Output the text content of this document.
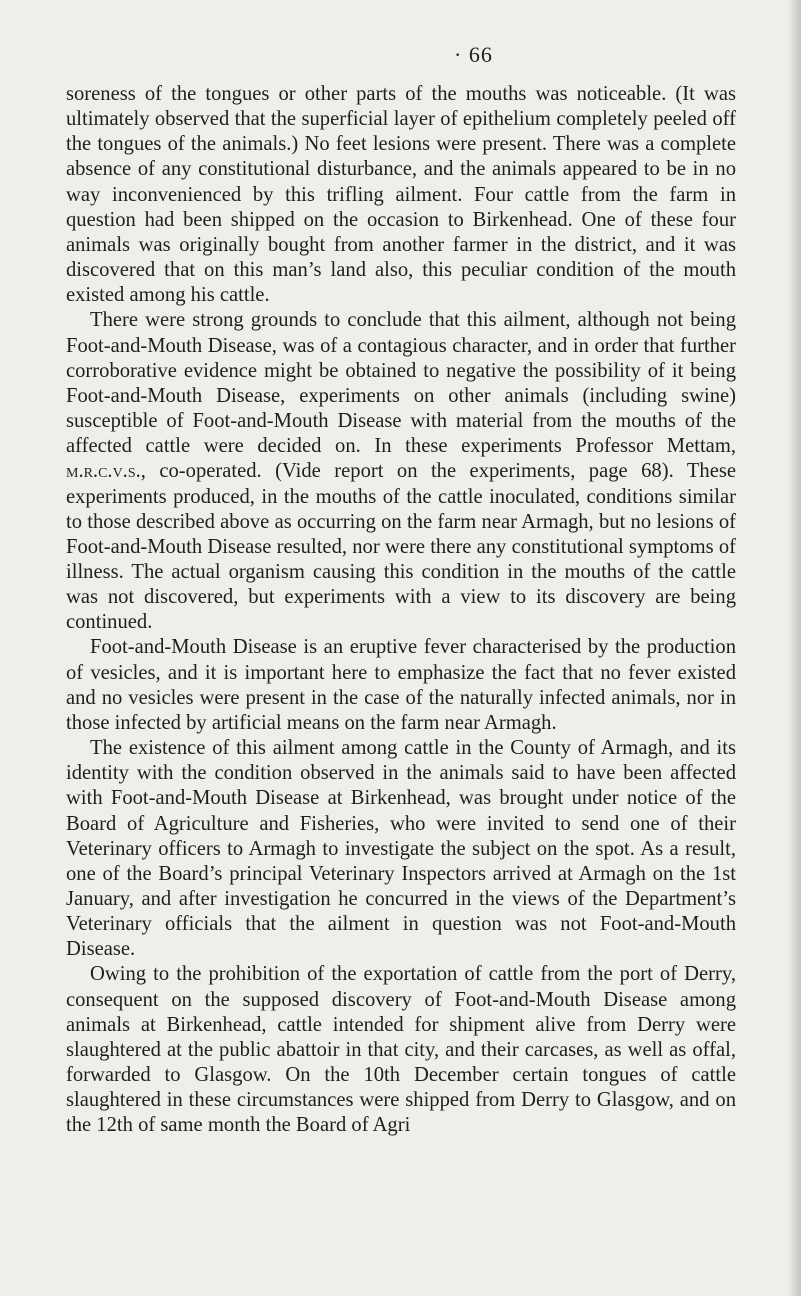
· 66

soreness of the tongues or other parts of the mouths was noticeable. (It was ultimately observed that the superficial layer of epithelium completely peeled off the tongues of the animals.) No feet lesions were present. There was a complete absence of any constitutional disturbance, and the animals appeared to be in no way inconvenienced by this trifling ailment. Four cattle from the farm in question had been shipped on the occasion to Birkenhead. One of these four animals was originally bought from another farmer in the district, and it was discovered that on this man’s land also, this peculiar condition of the mouth existed among his cattle.

There were strong grounds to conclude that this ailment, although not being Foot-and-Mouth Disease, was of a contagious character, and in order that further corroborative evidence might be obtained to negative the possibility of it being Foot-and-Mouth Disease, experiments on other animals (including swine) susceptible of Foot-and-Mouth Disease with material from the mouths of the affected cattle were decided on. In these experiments Professor Mettam, m.r.c.v.s., co-operated. (Vide report on the experiments, page 68). These experiments produced, in the mouths of the cattle inoculated, conditions similar to those described above as occurring on the farm near Armagh, but no lesions of Foot-and-Mouth Disease resulted, nor were there any constitutional symptoms of illness. The actual organism causing this condition in the mouths of the cattle was not discovered, but experiments with a view to its discovery are being continued.

Foot-and-Mouth Disease is an eruptive fever characterised by the production of vesicles, and it is important here to emphasize the fact that no fever existed and no vesicles were present in the case of the naturally infected animals, nor in those infected by artificial means on the farm near Armagh.

The existence of this ailment among cattle in the County of Armagh, and its identity with the condition observed in the animals said to have been affected with Foot-and-Mouth Disease at Birkenhead, was brought under notice of the Board of Agriculture and Fisheries, who were invited to send one of their Veterinary officers to Armagh to investigate the subject on the spot. As a result, one of the Board’s principal Veterinary Inspectors arrived at Armagh on the 1st January, and after investigation he concurred in the views of the Department’s Veterinary officials that the ailment in question was not Foot-and-Mouth Disease.

Owing to the prohibition of the exportation of cattle from the port of Derry, consequent on the supposed discovery of Foot-and-Mouth Disease among animals at Birkenhead, cattle intended for shipment alive from Derry were slaughtered at the public abattoir in that city, and their carcases, as well as offal, forwarded to Glasgow. On the 10th December certain tongues of cattle slaughtered in these circumstances were shipped from Derry to Glasgow, and on the 12th of same month the Board of Agri
